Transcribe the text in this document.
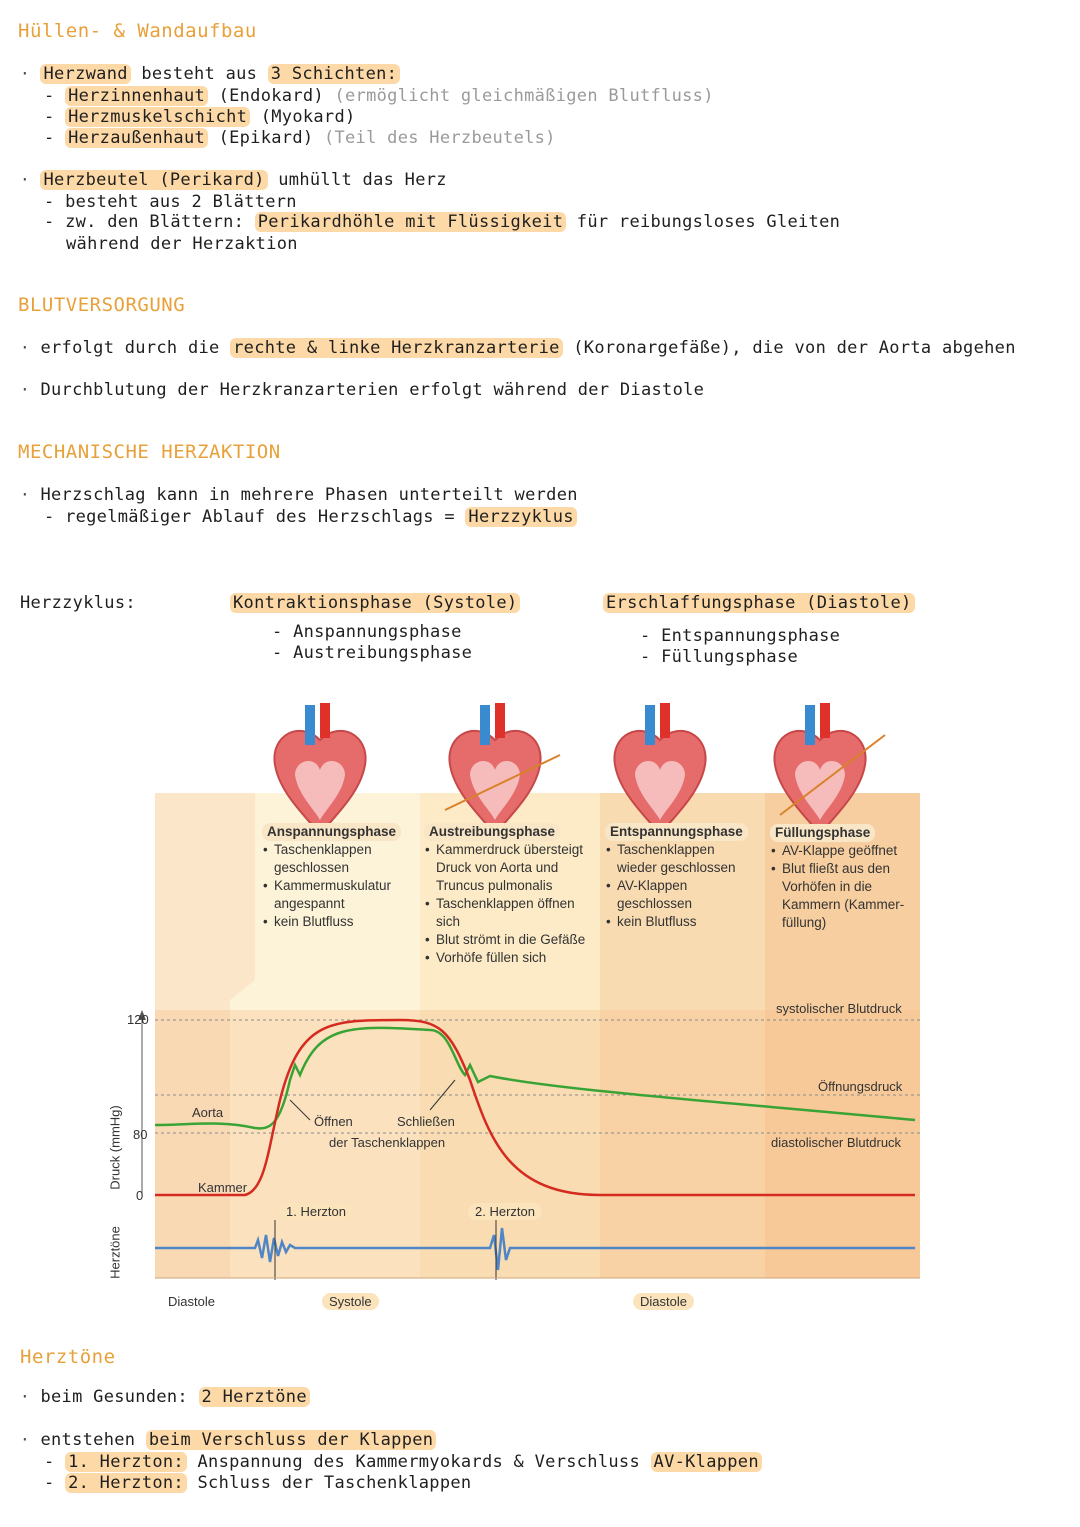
Hüllen- & Wandaufbau
· Herzwand besteht aus 3 Schichten:
- Herzinnenhaut (Endokard) (ermöglicht gleichmäßigen Blutfluss)
- Herzmuskelschicht (Myokard)
- Herzaußenhaut (Epikard) (Teil des Herzbeutels)
· Herzbeutel (Perikard) umhüllt das Herz
- besteht aus 2 Blättern
- zw. den Blättern: Perikardhöhle mit Flüssigkeit für reibungsloses Gleiten
während der Herzaktion
BLUTVERSORGUNG
· erfolgt durch die rechte & linke Herzkranzarterie (Koronargefäße), die von der Aorta abgehen
· Durchblutung der Herzkranzarterien erfolgt während der Diastole
MECHANISCHE HERZAKTION
· Herzschlag kann in mehrere Phasen unterteilt werden
- regelmäßiger Ablauf des Herzschlags = Herzzyklus
Herzzyklus:	Kontraktionsphase (Systole)
- Anspannungsphase
- Austreibungsphase
Erschlaffungsphase (Diastole)
- Entspannungsphase
- Füllungsphase
Anspannungsphase
• Taschenklappen geschlossen
• Kammermuskulatur angespannt
• kein Blutfluss
Austreibungsphase
• Kammerdruck übersteigt Druck von Aorta und Truncus pulmonalis
• Taschenklappen öffnen sich
• Blut strömt in die Gefäße
• Vorhöfe füllen sich
Entspannungsphase
• Taschenklappen wieder geschlossen
• AV-Klappen geschlossen
• kein Blutfluss
Füllungsphase
• AV-Klappe geöffnet
• Blut fließt aus den Vorhöfen in die Kammern (Kammer-füllung)
120
80
0
Druck (mmHg)
Herztöne
Aorta
Kammer
Öffnen	Schließen
der Taschenklappen
systolischer Blutdruck
Öffnungsdruck
diastolischer Blutdruck
1. Herzton	2. Herzton
Diastole	Systole	Diastole
Herztöne
· beim Gesunden: 2 Herztöne
· entstehen beim Verschluss der Klappen
- 1. Herzton: Anspannung des Kammermyokards & Verschluss AV-Klappen
- 2. Herzton: Schluss der Taschenklappen
